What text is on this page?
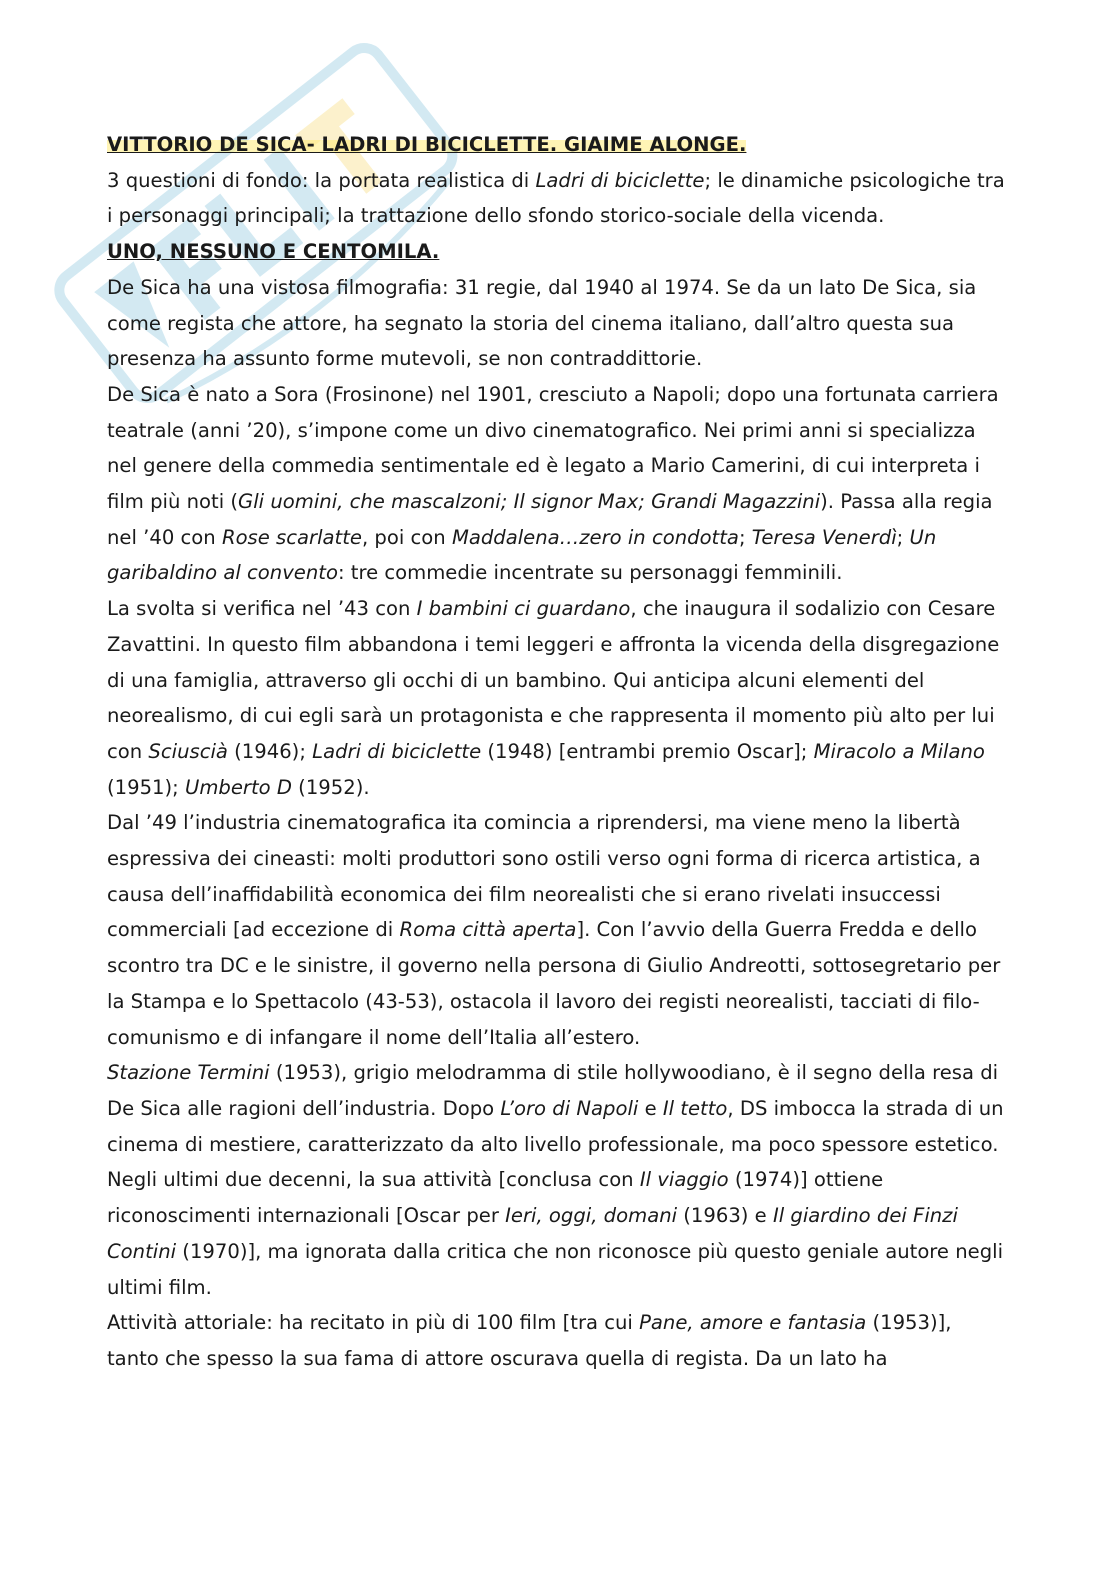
VITTORIO DE SICA- LADRI DI BICICLETTE. GIAIME ALONGE.

3 questioni di fondo: la portata realistica di Ladri di biciclette; le dinamiche psicologiche tra i personaggi principali; la trattazione dello sfondo storico-sociale della vicenda.

UNO, NESSUNO E CENTOMILA.

De Sica ha una vistosa filmografia: 31 regie, dal 1940 al 1974. Se da un lato De Sica, sia come regista che attore, ha segnato la storia del cinema italiano, dall’altro questa sua presenza ha assunto forme mutevoli, se non contraddittorie.

De Sica è nato a Sora (Frosinone) nel 1901, cresciuto a Napoli; dopo una fortunata carriera teatrale (anni ’20), s’impone come un divo cinematografico. Nei primi anni si specializza nel genere della commedia sentimentale ed è legato a Mario Camerini, di cui interpreta i film più noti (Gli uomini, che mascalzoni; Il signor Max; Grandi Magazzini). Passa alla regia nel ’40 con Rose scarlatte, poi con Maddalena…zero in condotta; Teresa Venerdì; Un garibaldino al convento: tre commedie incentrate su personaggi femminili.

La svolta si verifica nel ’43 con I bambini ci guardano, che inaugura il sodalizio con Cesare Zavattini. In questo film abbandona i temi leggeri e affronta la vicenda della disgregazione di una famiglia, attraverso gli occhi di un bambino. Qui anticipa alcuni elementi del neorealismo, di cui egli sarà un protagonista e che rappresenta il momento più alto per lui con Sciuscià (1946); Ladri di biciclette (1948) [entrambi premio Oscar]; Miracolo a Milano (1951); Umberto D (1952).

Dal ’49 l’industria cinematografica ita comincia a riprendersi, ma viene meno la libertà espressiva dei cineasti: molti produttori sono ostili verso ogni forma di ricerca artistica, a causa dell’inaffidabilità economica dei film neorealisti che si erano rivelati insuccessi commerciali [ad eccezione di Roma città aperta]. Con l’avvio della Guerra Fredda e dello scontro tra DC e le sinistre, il governo nella persona di Giulio Andreotti, sottosegretario per la Stampa e lo Spettacolo (43-53), ostacola il lavoro dei registi neorealisti, tacciati di filo-comunismo e di infangare il nome dell’Italia all’estero.

Stazione Termini (1953), grigio melodramma di stile hollywoodiano, è il segno della resa di De Sica alle ragioni dell’industria. Dopo L’oro di Napoli e Il tetto, DS imbocca la strada di un cinema di mestiere, caratterizzato da alto livello professionale, ma poco spessore estetico. Negli ultimi due decenni, la sua attività [conclusa con Il viaggio (1974)] ottiene riconoscimenti internazionali [Oscar per Ieri, oggi, domani (1963) e Il giardino dei Finzi Contini (1970)], ma ignorata dalla critica che non riconosce più questo geniale autore negli ultimi film.

Attività attoriale: ha recitato in più di 100 film [tra cui Pane, amore e fantasia (1953)], tanto che spesso la sua fama di attore oscurava quella di regista. Da un lato ha
